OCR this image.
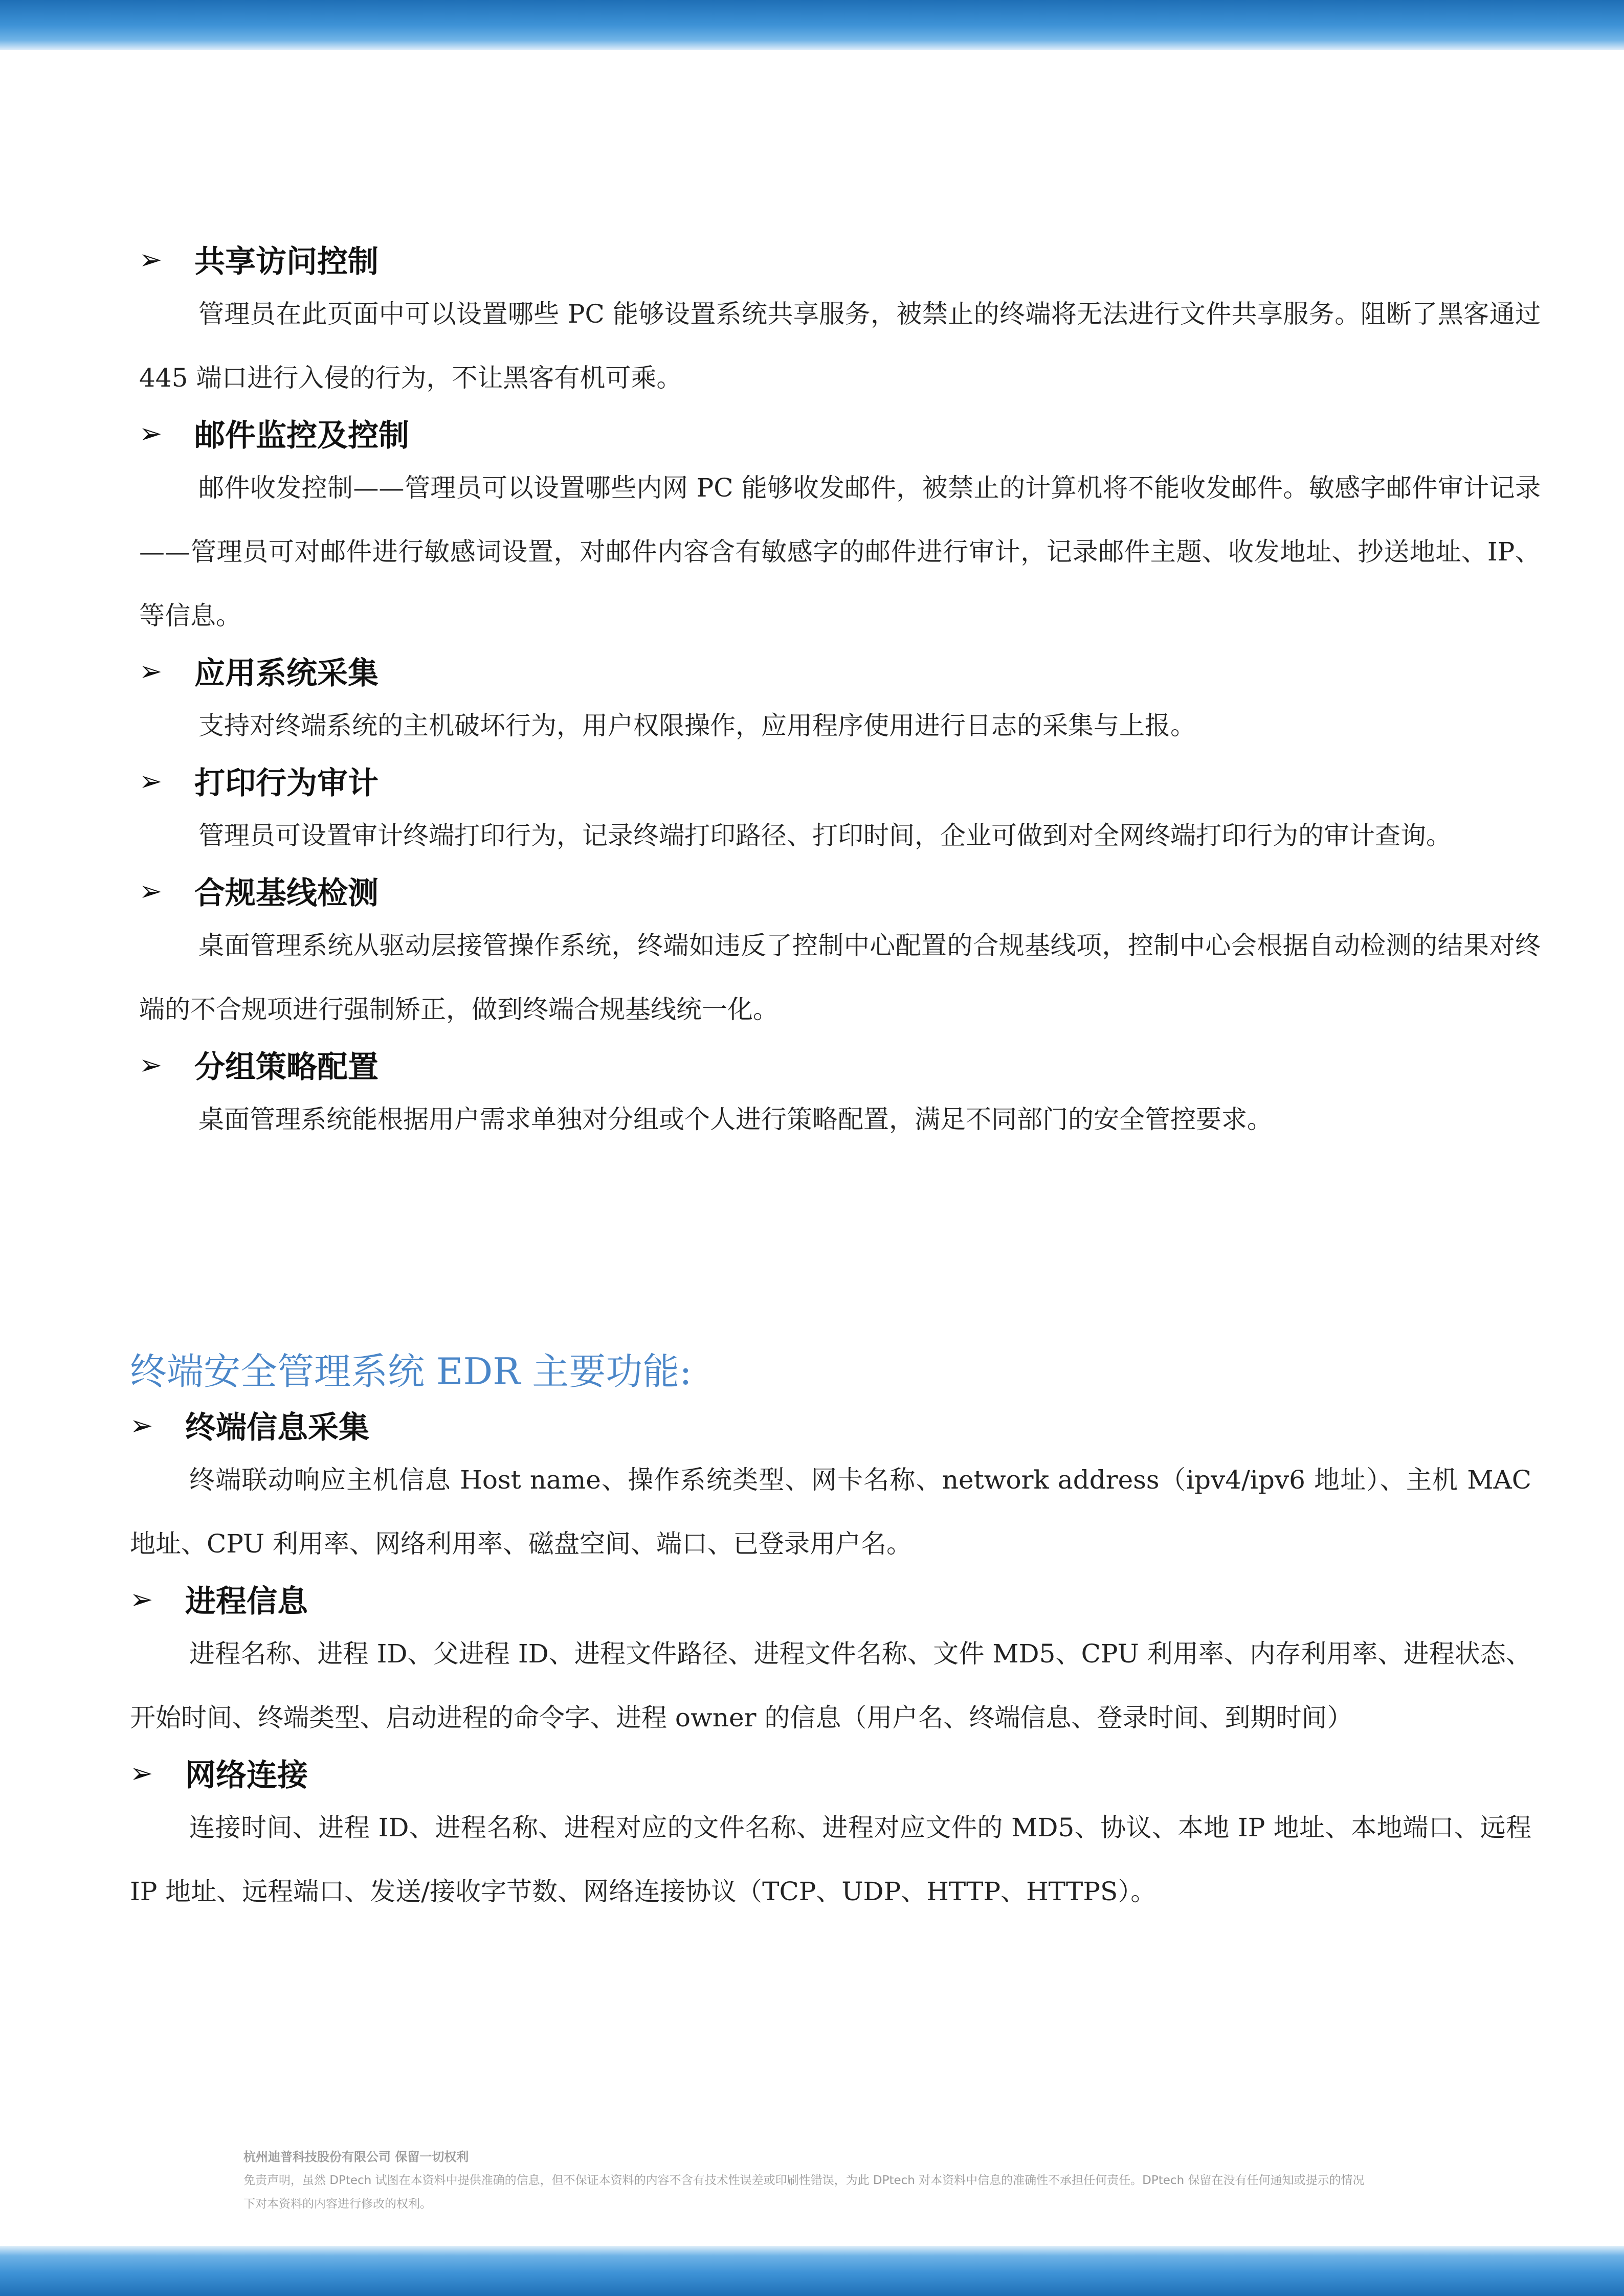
➢	共享访问控制

管理员在此页面中可以设置哪些 PC 能够设置系统共享服务，被禁止的终端将无法进行文件共享服务。阻断了黑客通过 445 端口进行入侵的行为，不让黑客有机可乘。

➢	邮件监控及控制

邮件收发控制——管理员可以设置哪些内网 PC 能够收发邮件，被禁止的计算机将不能收发邮件。敏感字邮件审计记录——管理员可对邮件进行敏感词设置，对邮件内容含有敏感字的邮件进行审计，记录邮件主题、收发地址、抄送地址、IP、等信息。

➢	应用系统采集

支持对终端系统的主机破坏行为，用户权限操作，应用程序使用进行日志的采集与上报。

➢	打印行为审计

管理员可设置审计终端打印行为，记录终端打印路径、打印时间，企业可做到对全网终端打印行为的审计查询。

➢	合规基线检测

桌面管理系统从驱动层接管操作系统，终端如违反了控制中心配置的合规基线项，控制中心会根据自动检测的结果对终端的不合规项进行强制矫正，做到终端合规基线统一化。

➢	分组策略配置

桌面管理系统能根据用户需求单独对分组或个人进行策略配置，满足不同部门的安全管控要求。

终端安全管理系统 EDR 主要功能:
➢	终端信息采集

终端联动响应主机信息 Host name、操作系统类型、网卡名称、network address（ipv4/ipv6 地址）、主机 MAC 地址、CPU 利用率、网络利用率、磁盘空间、端口、已登录用户名。

➢	进程信息

进程名称、进程 ID、父进程 ID、进程文件路径、进程文件名称、文件 MD5、CPU 利用率、内存利用率、进程状态、开始时间、终端类型、启动进程的命令字、进程 owner 的信息（用户名、终端信息、登录时间、到期时间）

➢	网络连接

连接时间、进程 ID、进程名称、进程对应的文件名称、进程对应文件的 MD5、协议、本地 IP 地址、本地端口、远程 IP 地址、远程端口、发送/接收字节数、网络连接协议（TCP、UDP、HTTP、HTTPS）。

杭州迪普科技股份有限公司 保留一切权利
免责声明，虽然 DPtech 试图在本资料中提供准确的信息，但不保证本资料的内容不含有技术性误差或印刷性错误，为此 DPtech 对本资料中信息的准确性不承担任何责任。DPtech 保留在没有任何通知或提示的情况下对本资料的内容进行修改的权利。
